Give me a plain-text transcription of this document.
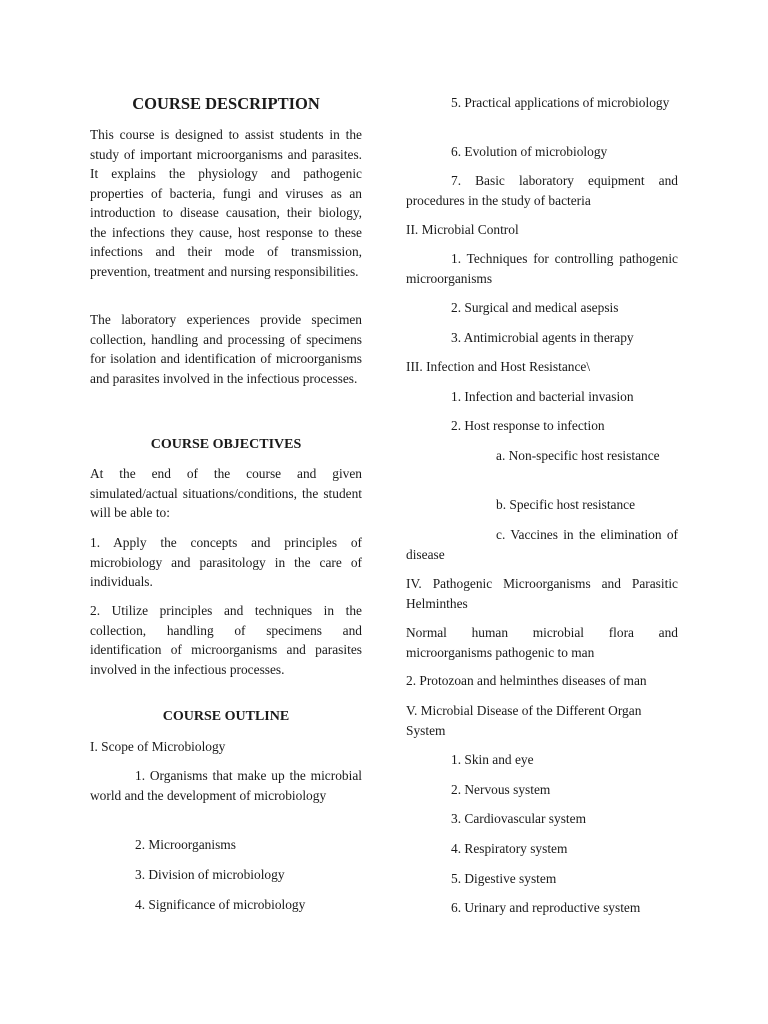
COURSE DESCRIPTION

This course is designed to assist students in the study of important microorganisms and parasites. It explains the physiology and pathogenic properties of bacteria, fungi and viruses as an introduction to disease causation, their biology, the infections they cause, host response to these infections and their mode of transmission, prevention, treatment and nursing responsibilities.

The laboratory experiences provide specimen collection, handling and processing of specimens for isolation and identification of microorganisms and parasites involved in the infectious processes.

COURSE OBJECTIVES

At the end of the course and given simulated/actual situations/conditions, the student will be able to:

1. Apply the concepts and principles of microbiology and parasitology in the care of individuals.

2. Utilize principles and techniques in the collection, handling of specimens and identification of microorganisms and parasites involved in the infectious processes.

COURSE OUTLINE

I. Scope of Microbiology

1. Organisms that make up the microbial world and the development of microbiology

2. Microorganisms

3. Division of microbiology

4. Significance of microbiology

5. Practical applications of microbiology

6. Evolution of microbiology

7. Basic laboratory equipment and procedures in the study of bacteria

II. Microbial Control

1. Techniques for controlling pathogenic microorganisms

2. Surgical and medical asepsis

3. Antimicrobial agents in therapy

III. Infection and Host Resistance\

1. Infection and bacterial invasion

2. Host response to infection

a. Non-specific host resistance

b. Specific host resistance

c. Vaccines in the elimination of disease

IV. Pathogenic Microorganisms and Parasitic Helminthes

Normal human microbial flora and microorganisms pathogenic to man

2. Protozoan and helminthes diseases of man

V. Microbial Disease of the Different Organ System

1. Skin and eye

2. Nervous system

3. Cardiovascular system

4. Respiratory system

5. Digestive system

6. Urinary and reproductive system
